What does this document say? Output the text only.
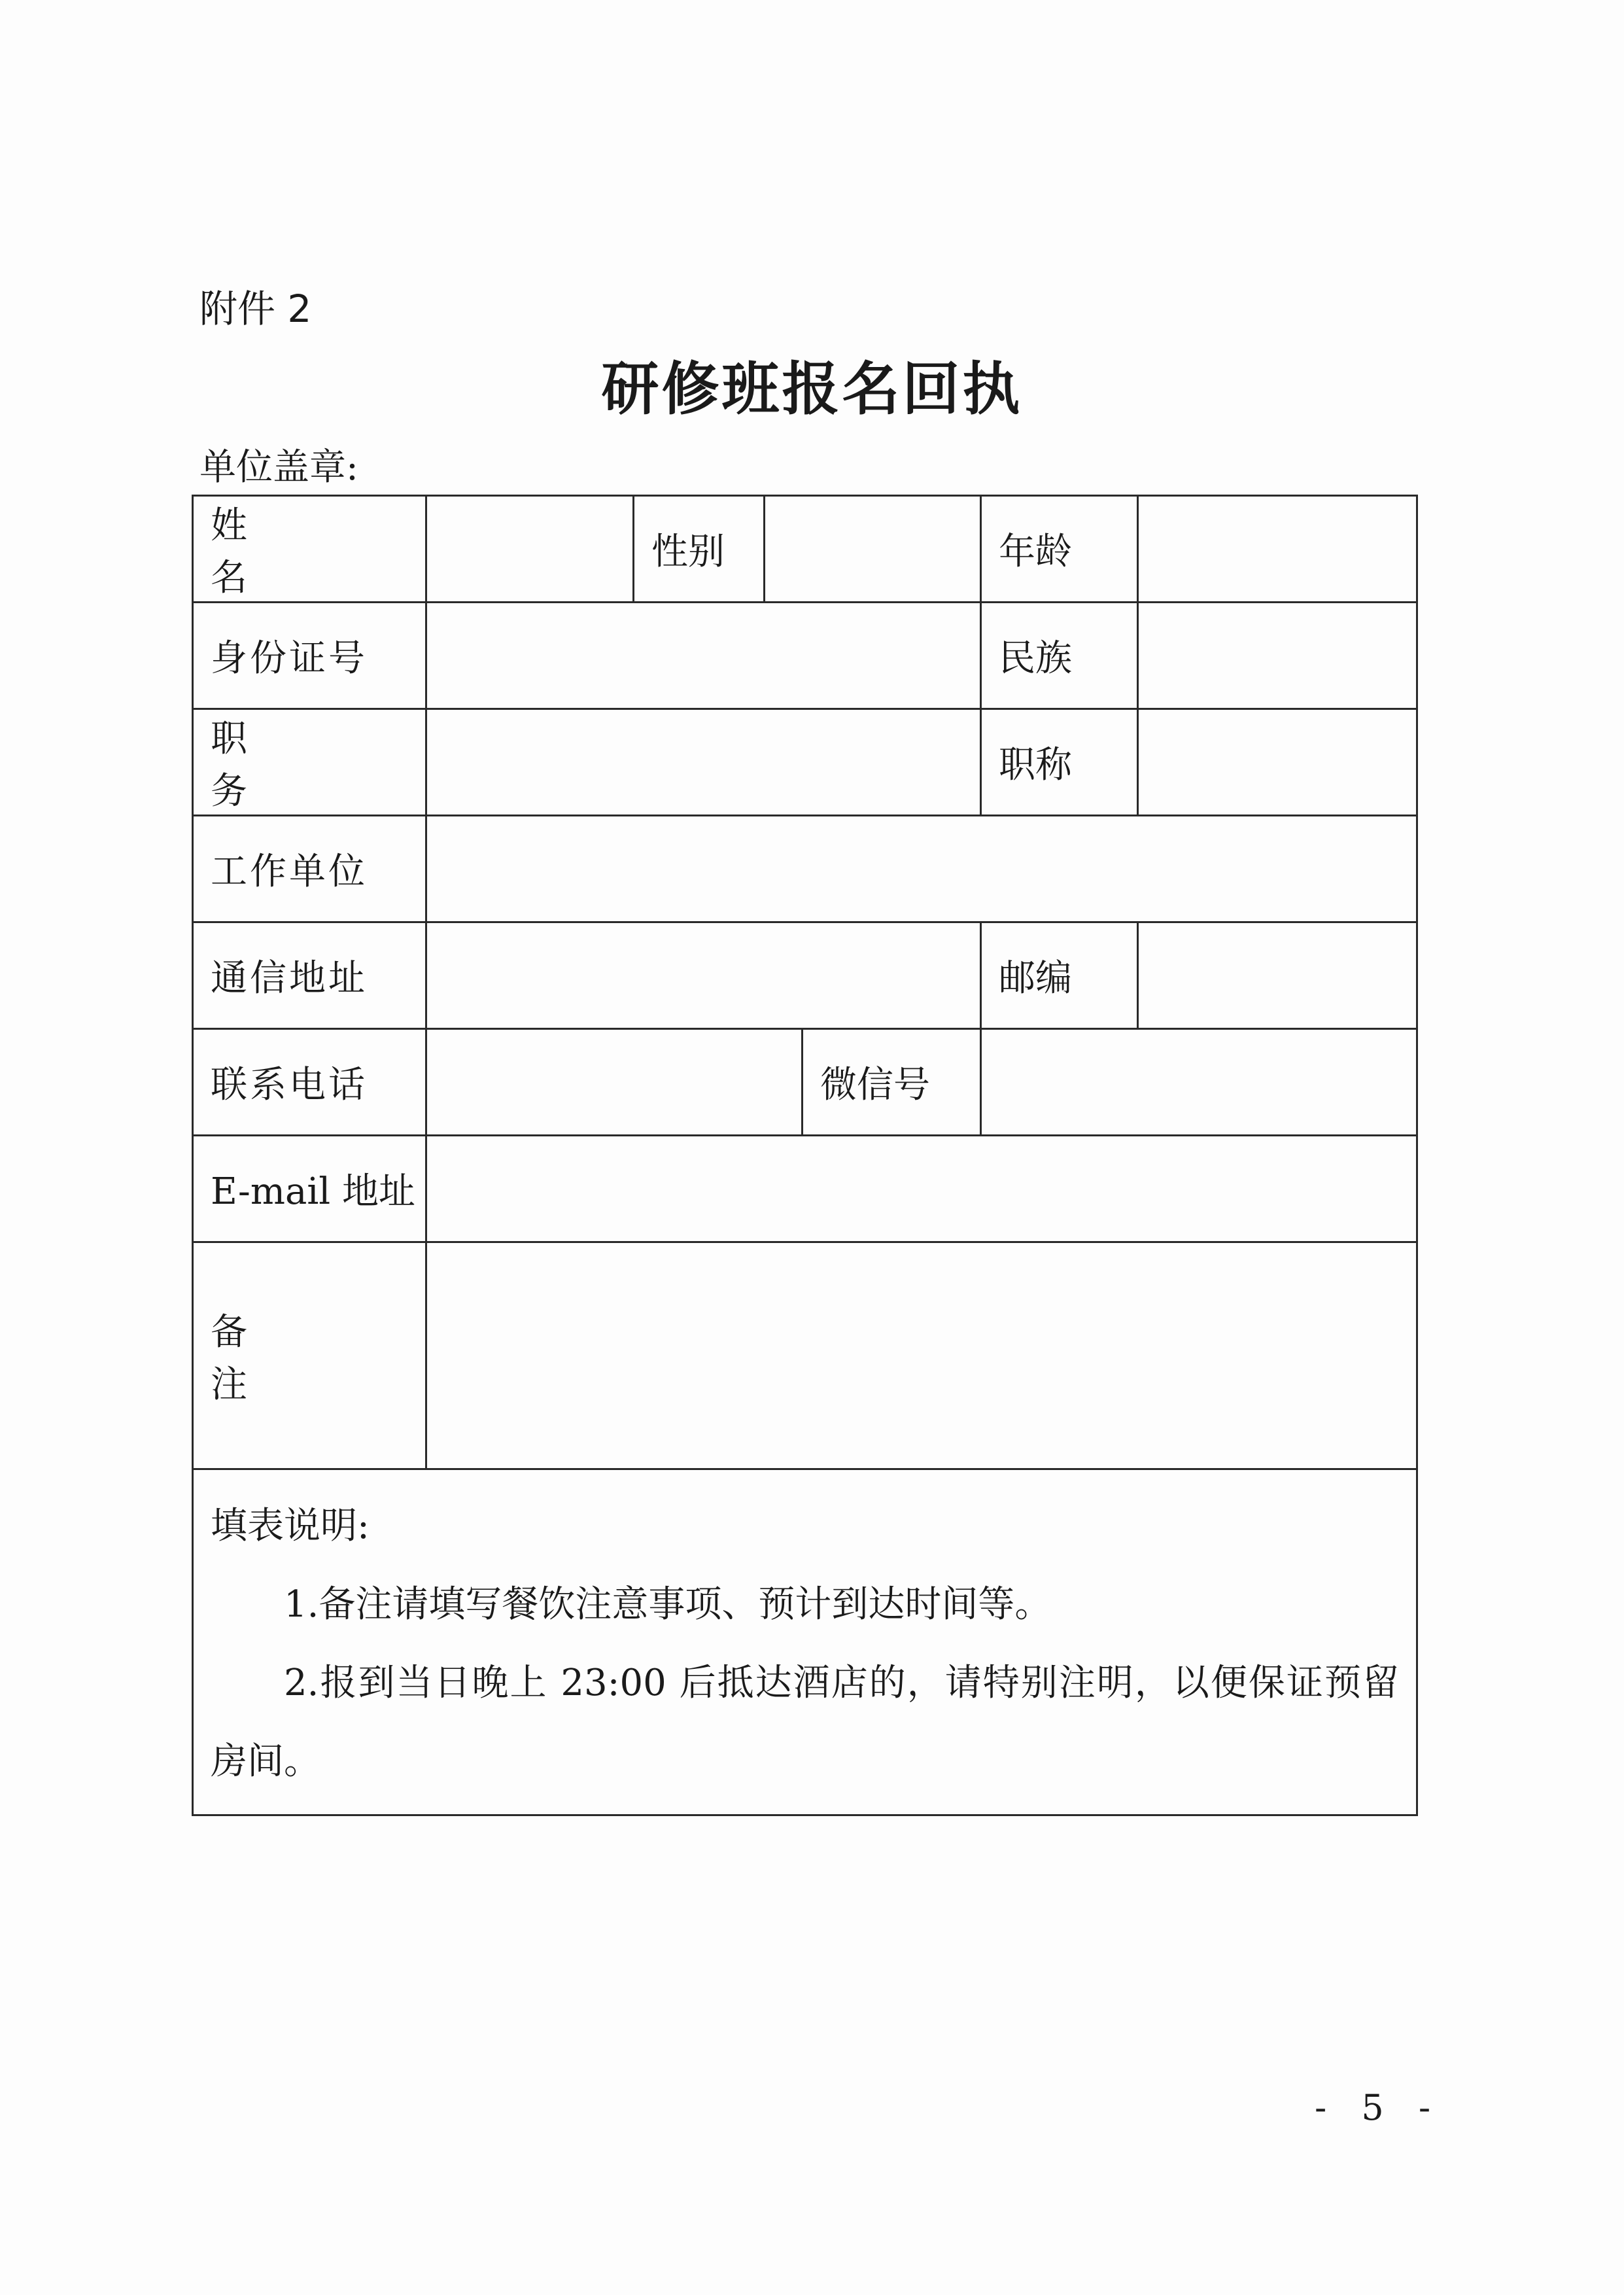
附件 2
研修班报名回执
单位盖章:
姓 名		性别			年龄	
身份证号					民族	
职 务					职称	
工作单位						
通信地址					邮编	
联系电话				微信号		
E-mail 地址						
备 注						

填表说明:
1.备注请填写餐饮注意事项、预计到达时间等。
2.报到当日晚上 23:00 后抵达酒店的，请特别注明，以便保证预留
房间。						
- 5 -
